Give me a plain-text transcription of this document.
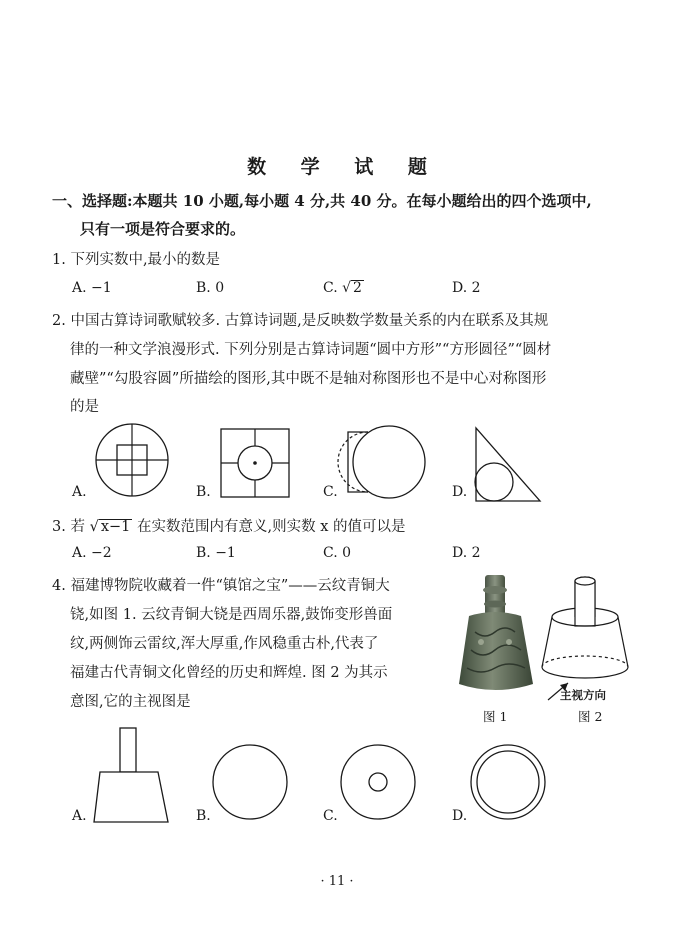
数 学 试 题
一、选择题:本题共 10 小题,每小题 4 分,共 40 分。在每小题给出的四个选项中,
只有一项是符合要求的。
1. 下列实数中,最小的数是
A. −1	B. 0	C. √ 2	D. 2
2. 中国古算诗词歌赋较多. 古算诗词题,是反映数学数量关系的内在联系及其规
律的一种文学浪漫形式. 下列分别是古算诗词题“圆中方形”“方形圆径”“圆材
藏壁”“勾股容圆”所描绘的图形,其中既不是轴对称图形也不是中心对称图形
的是
A.	B.	C.	D.
3. 若 √ x−1 在实数范围内有意义,则实数 x 的值可以是
A. −2	B. −1	C. 0	D. 2
4. 福建博物院收藏着一件“镇馆之宝”——云纹青铜大
铙,如图 1. 云纹青铜大铙是西周乐器,鼓饰变形兽面
纹,两侧饰云雷纹,浑大厚重,作风稳重古朴,代表了
福建古代青铜文化曾经的历史和辉煌. 图 2 为其示
意图,它的主视图是	主视方向
图 1	图 2
A.	B.	C.	D.
· 11 ·
